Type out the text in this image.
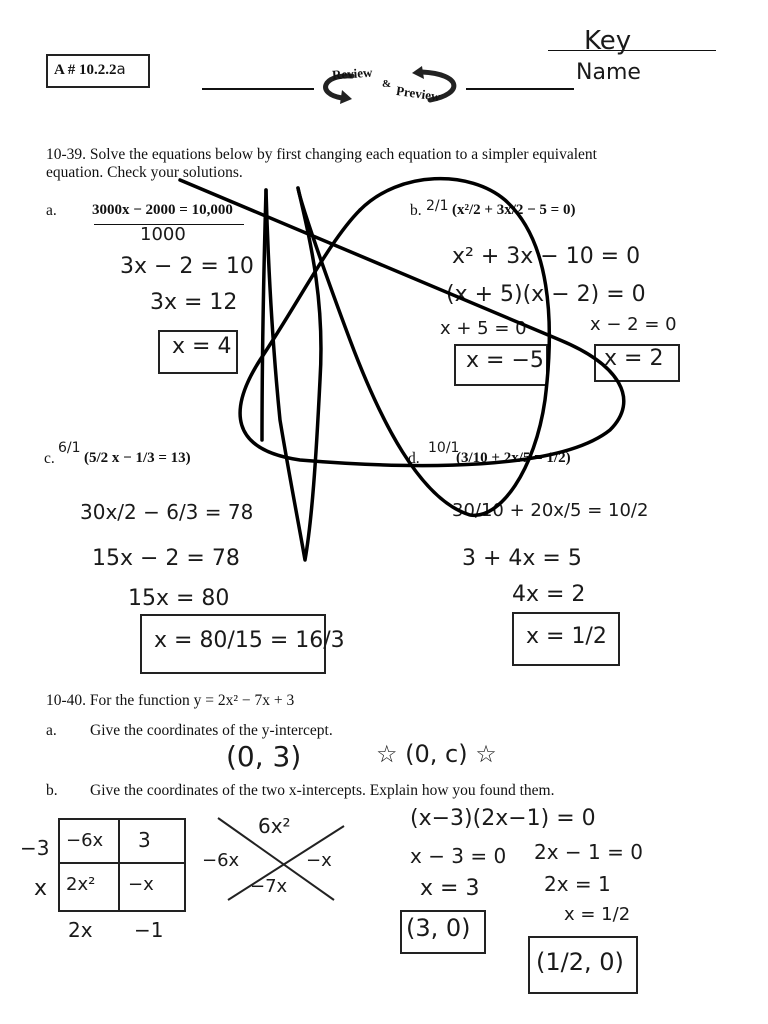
A # 10.2.2a	Review
& Preview
Key
Name
10-39. Solve the equations below by first changing each equation to a simpler equivalent
equation. Check your solutions.
a. 3000x − 2000 = 10,000
1000
3x − 2 = 10
3x = 12
x = 4
b. 2/1 (x²/2 + 3x/2 − 5 = 0)
x² + 3x − 10 = 0
(x + 5)(x − 2) = 0
x + 5 = 0	x − 2 = 0
x = −5	x = 2
c.
6/1
(5/2 x − 1/3 = 13)
30x/2 − 6/3 = 78
15x − 2 = 78
15x = 80
x = 80/15 = 16/3
d.
10/1
(3/10 + 2x/5 = 1/2)
30/10 + 20x/5 = 10/2
3 + 4x = 5
4x = 2
x = 1/2
10-40. For the function y = 2x² − 7x + 3
a. Give the coordinates of the y-intercept.
(0, 3)	☆ (0, c) ☆
b. Give the coordinates of the two x-intercepts. Explain how you found them.
−3
x
−6x	3
2x²	−x
2x −1
6x²
−6x	−x
−7x
(x−3)(2x−1) = 0
x − 3 = 0
x = 3
(3, 0)
2x − 1 = 0
2x = 1
x = 1/2
(1/2, 0)
